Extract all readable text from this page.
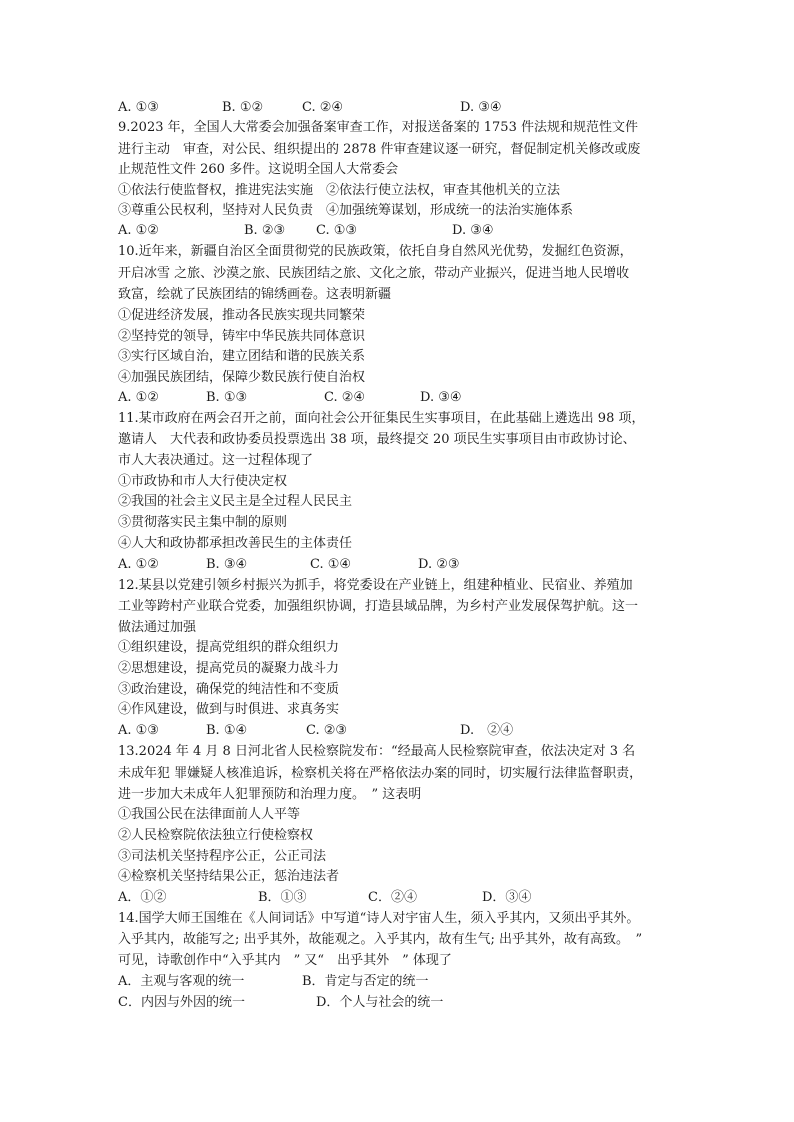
A. ①③	B. ①②	C. ②④	D. ③④
9.2023 年，全国人大常委会加强备案审查工作，对报送备案的 1753 件法规和规范性文件
进行主动　审查，对公民、组织提出的 2878 件审查建议逐一研究，督促制定机关修改或废
止规范性文件 260 多件。这说明全国人大常委会
①依法行使监督权，推进宪法实施　②依法行使立法权，审查其他机关的立法
③尊重公民权利，坚持对人民负责　④加强统筹谋划，形成统一的法治实施体系
A. ①②	B. ②③ C. ①③	D. ③④
10.近年来，新疆自治区全面贯彻党的民族政策，依托自身自然风光优势，发掘红色资源，
开启冰雪 之旅、沙漠之旅、民族团结之旅、文化之旅，带动产业振兴，促进当地人民增收
致富，绘就了民族团结的锦绣画卷。这表明新疆
①促进经济发展，推动各民族实现共同繁荣
②坚持党的领导，铸牢中华民族共同体意识
③实行区域自治，建立团结和谐的民族关系
④加强民族团结，保障少数民族行使自治权
A. ①②	B. ①③	C. ②④	D. ③④
11.某市政府在两会召开之前，面向社会公开征集民生实事项目，在此基础上遴选出 98 项，
邀请人　大代表和政协委员投票选出 38 项，最终提交 20 项民生实事项目由市政协讨论、
市人大表决通过。这一过程体现了
①市政协和市人大行使决定权
②我国的社会主义民主是全过程人民民主
③贯彻落实民主集中制的原则
④人大和政协都承担改善民生的主体责任
A. ①②	B. ③④	C. ①④	D. ②③
12.某县以党建引领乡村振兴为抓手，将党委设在产业链上，组建种植业、民宿业、养殖加
工业等跨村产业联合党委，加强组织协调，打造县域品牌，为乡村产业发展保驾护航。这一
做法通过加强
①组织建设，提高党组织的群众组织力
②思想建设，提高党员的凝聚力战斗力
③政治建设，确保党的纯洁性和不变质
④作风建设，做到与时俱进、求真务实
A. ①③	B. ①④	C. ②③	D.　②④
13.2024 年 4 月 8 日河北省人民检察院发布：“经最高人民检察院审查，依法决定对 3 名
未成年犯 罪嫌疑人核准追诉，检察机关将在严格依法办案的同时，切实履行法律监督职责，
进一步加大未成年人犯罪预防和治理力度。　” 这表明
①我国公民在法律面前人人平等
②人民检察院依法独立行使检察权
③司法机关坚持程序公正，公正司法
④检察机关坚持结果公正，惩治违法者
A．①②	B．①③	C．②④	D．③④
14.国学大师王国维在《人间词话》中写道“诗人对宇宙人生，须入乎其内，又须出乎其外。
入乎其内，故能写之; 出乎其外，故能观之。入乎其内，故有生气; 出乎其外，故有高致。　”
可见，诗歌创作中“入乎其内　” 又“　出乎其外　” 体现了
A．主观与客观的统一	B．肯定与否定的统一
C．内因与外因的统一	D．个人与社会的统一
